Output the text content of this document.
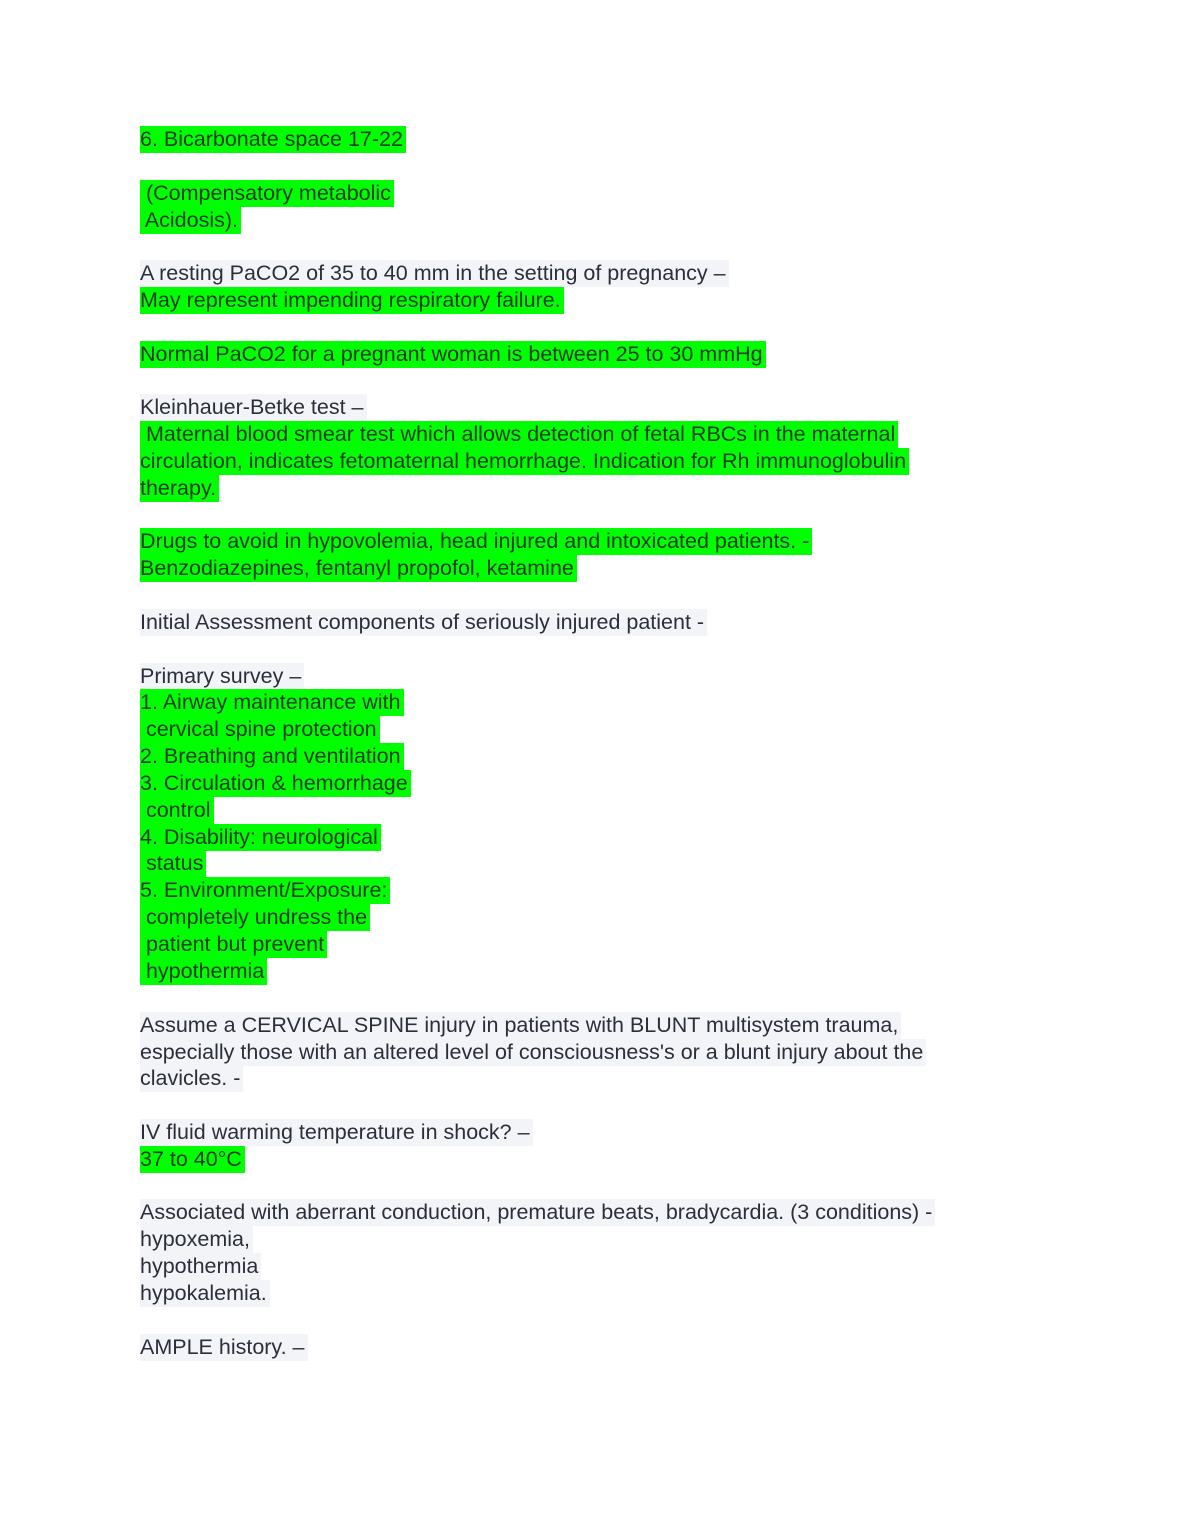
6. Bicarbonate space 17-22
(Compensatory metabolic
Acidosis).
A resting PaCO2 of 35 to 40 mm in the setting of pregnancy –
May represent impending respiratory failure.
Normal PaCO2 for a pregnant woman is between 25 to 30 mmHg
Kleinhauer-Betke test –
Maternal blood smear test which allows detection of fetal RBCs in the maternal
circulation, indicates fetomaternal hemorrhage. Indication for Rh immunoglobulin
therapy.
Drugs to avoid in hypovolemia, head injured and intoxicated patients. -
Benzodiazepines, fentanyl propofol, ketamine
Initial Assessment components of seriously injured patient -
Primary survey –
1. Airway maintenance with
cervical spine protection
2. Breathing and ventilation
3. Circulation & hemorrhage
control
4. Disability: neurological
status
5. Environment/Exposure:
completely undress the
patient but prevent
hypothermia
Assume a CERVICAL SPINE injury in patients with BLUNT multisystem trauma,
especially those with an altered level of consciousness's or a blunt injury about the
clavicles. -
IV fluid warming temperature in shock? –
37 to 40°C
Associated with aberrant conduction, premature beats, bradycardia. (3 conditions) -
hypoxemia,
hypothermia
hypokalemia.
AMPLE history. –
